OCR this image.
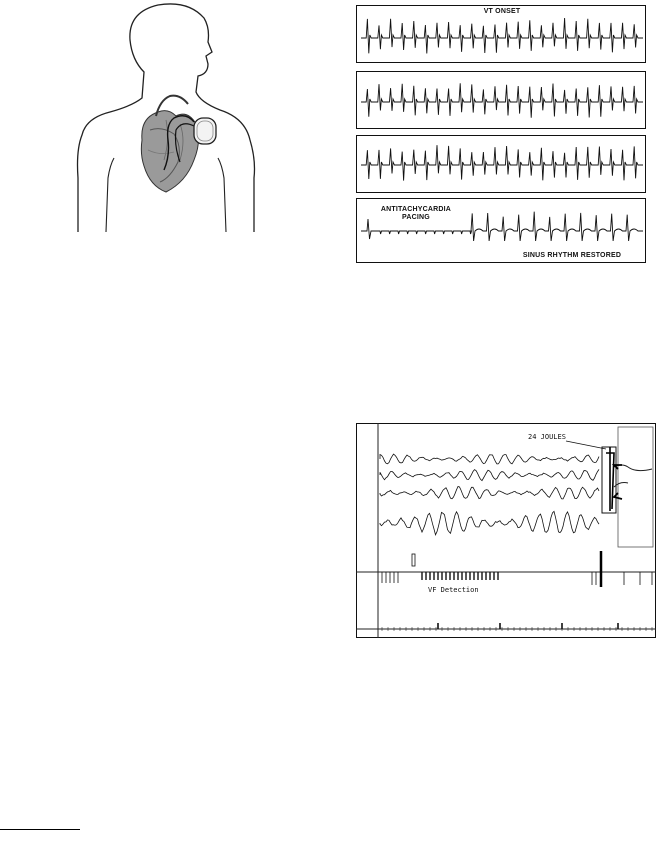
VT ONSET
ANTITACHYCARDIA
PACING
SINUS RHYTHM RESTORED
24 JOULES
VF Detection
